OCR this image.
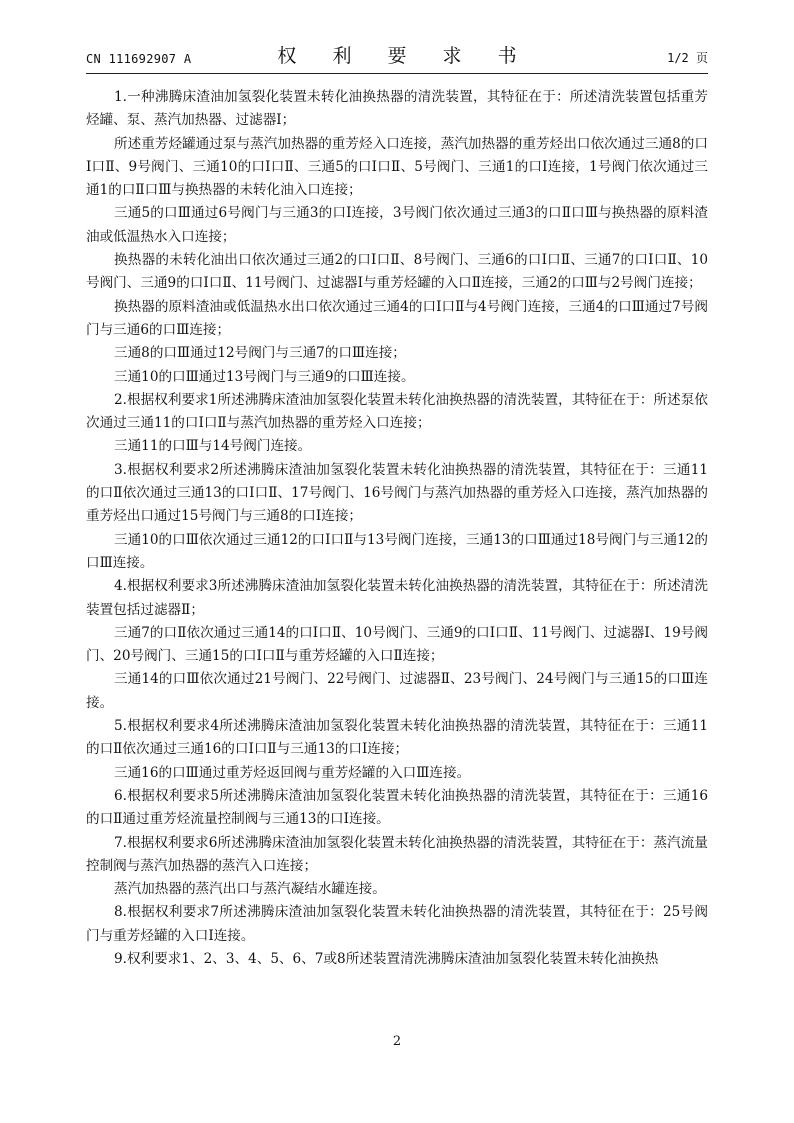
CN 111692907 A	权 利 要 求 书	1/2 页

1.一种沸腾床渣油加氢裂化装置未转化油换热器的清洗装置，其特征在于：所述清洗装置包括重芳烃罐、泵、蒸汽加热器、过滤器I；

所述重芳烃罐通过泵与蒸汽加热器的重芳烃入口连接，蒸汽加热器的重芳烃出口依次通过三通8的口I口Ⅱ、9号阀门、三通10的口I口Ⅱ、三通5的口I口Ⅱ、5号阀门、三通1的口I连接，1号阀门依次通过三通1的口Ⅱ口Ⅲ与换热器的未转化油入口连接；

三通5的口Ⅲ通过6号阀门与三通3的口I连接，3号阀门依次通过三通3的口Ⅱ口Ⅲ与换热器的原料渣油或低温热水入口连接；

换热器的未转化油出口依次通过三通2的口I口Ⅱ、8号阀门、三通6的口I口Ⅱ、三通7的口I口Ⅱ、10号阀门、三通9的口I口Ⅱ、11号阀门、过滤器I与重芳烃罐的入口Ⅱ连接，三通2的口Ⅲ与2号阀门连接；

换热器的原料渣油或低温热水出口依次通过三通4的口I口Ⅱ与4号阀门连接，三通4的口Ⅲ通过7号阀门与三通6的口Ⅲ连接；

三通8的口Ⅲ通过12号阀门与三通7的口Ⅲ连接；

三通10的口Ⅲ通过13号阀门与三通9的口Ⅲ连接。

2.根据权利要求1所述沸腾床渣油加氢裂化装置未转化油换热器的清洗装置，其特征在于：所述泵依次通过三通11的口I口Ⅱ与蒸汽加热器的重芳烃入口连接；

三通11的口Ⅲ与14号阀门连接。

3.根据权利要求2所述沸腾床渣油加氢裂化装置未转化油换热器的清洗装置，其特征在于：三通11的口Ⅱ依次通过三通13的口I口Ⅱ、17号阀门、16号阀门与蒸汽加热器的重芳烃入口连接，蒸汽加热器的重芳烃出口通过15号阀门与三通8的口I连接；

三通10的口Ⅲ依次通过三通12的口I口Ⅱ与13号阀门连接，三通13的口Ⅲ通过18号阀门与三通12的口Ⅲ连接。

4.根据权利要求3所述沸腾床渣油加氢裂化装置未转化油换热器的清洗装置，其特征在于：所述清洗装置包括过滤器Ⅱ；

三通7的口Ⅱ依次通过三通14的口I口Ⅱ、10号阀门、三通9的口I口Ⅱ、11号阀门、过滤器I、19号阀门、20号阀门、三通15的口I口Ⅱ与重芳烃罐的入口Ⅱ连接；

三通14的口Ⅲ依次通过21号阀门、22号阀门、过滤器Ⅱ、23号阀门、24号阀门与三通15的口Ⅲ连接。

5.根据权利要求4所述沸腾床渣油加氢裂化装置未转化油换热器的清洗装置，其特征在于：三通11的口Ⅱ依次通过三通16的口I口Ⅱ与三通13的口I连接；

三通16的口Ⅲ通过重芳烃返回阀与重芳烃罐的入口Ⅲ连接。

6.根据权利要求5所述沸腾床渣油加氢裂化装置未转化油换热器的清洗装置，其特征在于：三通16的口Ⅱ通过重芳烃流量控制阀与三通13的口I连接。

7.根据权利要求6所述沸腾床渣油加氢裂化装置未转化油换热器的清洗装置，其特征在于：蒸汽流量控制阀与蒸汽加热器的蒸汽入口连接；

蒸汽加热器的蒸汽出口与蒸汽凝结水罐连接。

8.根据权利要求7所述沸腾床渣油加氢裂化装置未转化油换热器的清洗装置，其特征在于：25号阀门与重芳烃罐的入口I连接。

9.权利要求1、2、3、4、5、6、7或8所述装置清洗沸腾床渣油加氢裂化装置未转化油换热

2
